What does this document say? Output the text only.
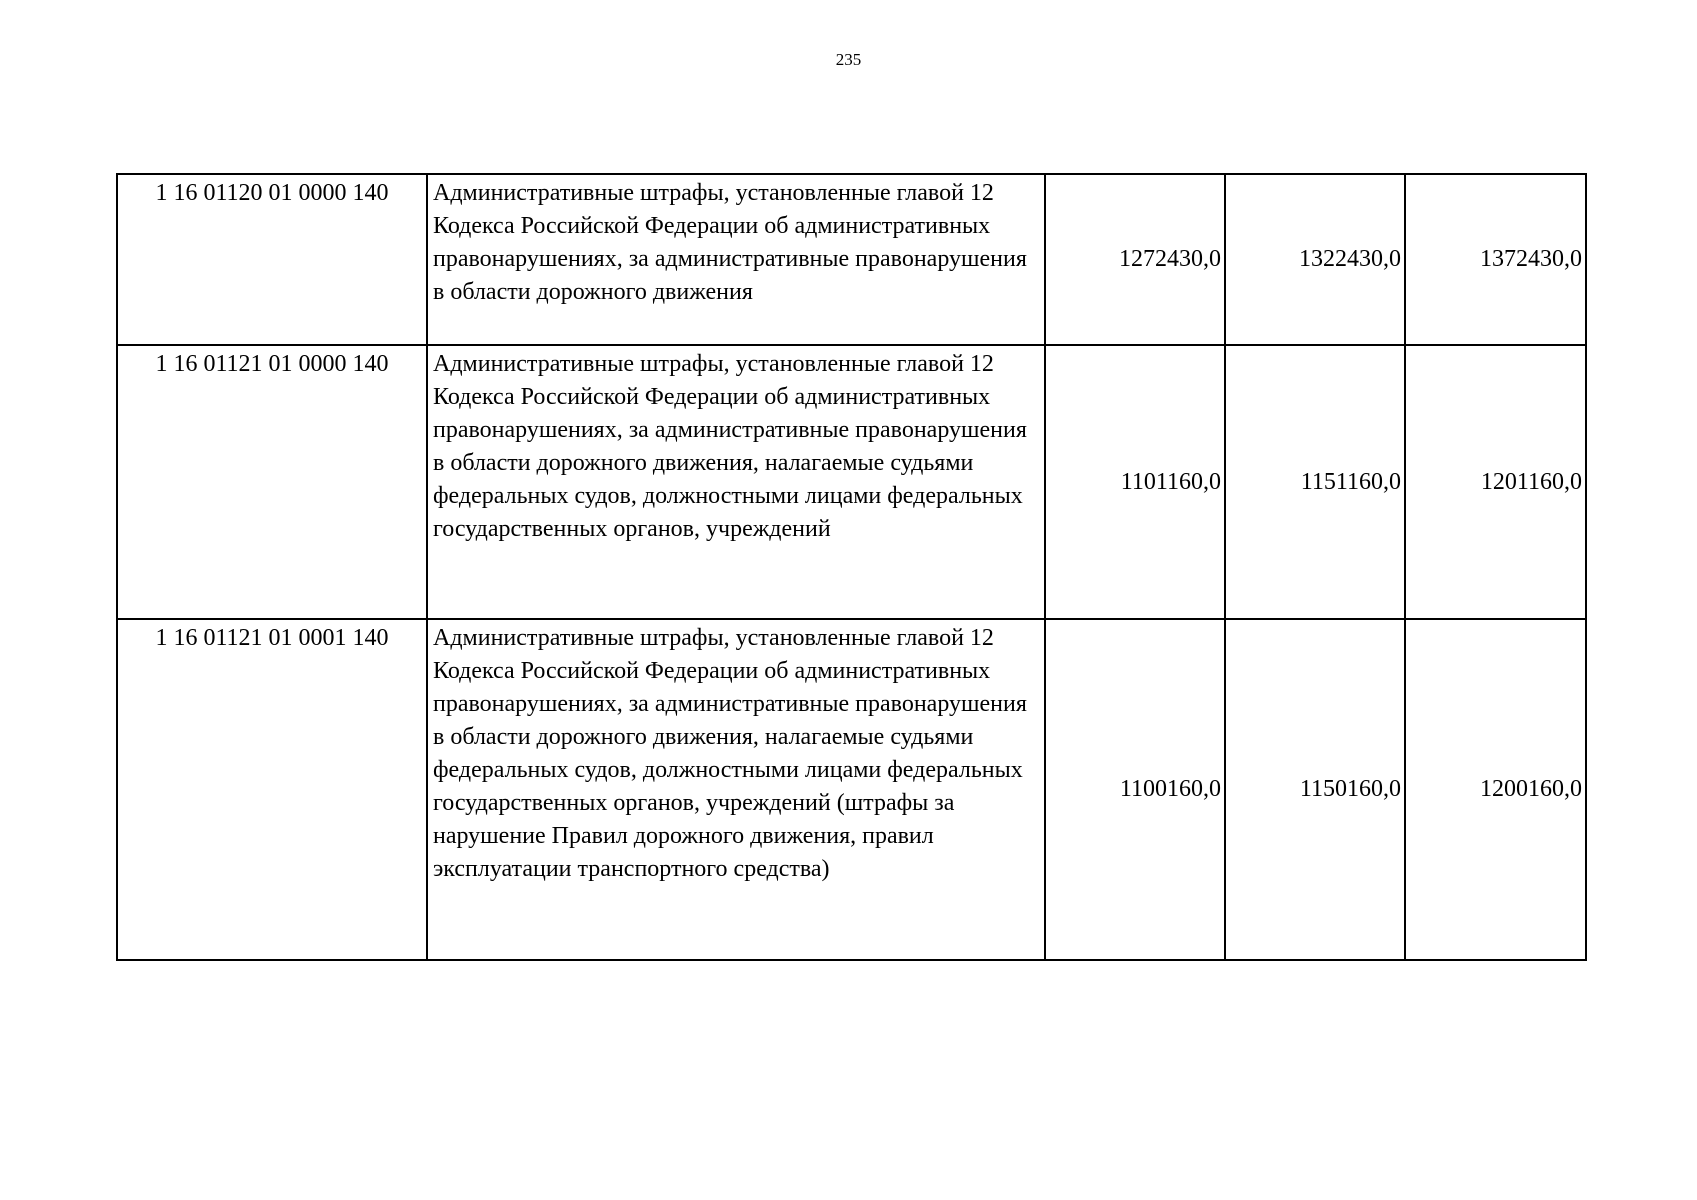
235
1 16 01120 01 0000 140	Административные штрафы, установленные главой 12 Кодекса Российской Федерации об административных правонарушениях, за административные правонарушения в области дорожного движения	1272430,0	1322430,0	1372430,0
1 16 01121 01 0000 140	Административные штрафы, установленные главой 12 Кодекса Российской Федерации об административных правонарушениях, за административные правонарушения в области дорожного движения, налагаемые судьями федеральных судов, должностными лицами федеральных государственных органов, учреждений	1101160,0	1151160,0	1201160,0
1 16 01121 01 0001 140	Административные штрафы, установленные главой 12 Кодекса Российской Федерации об административных правонарушениях, за административные правонарушения в области дорожного движения, налагаемые судьями федеральных судов, должностными лицами федеральных государственных органов, учреждений (штрафы за нарушение Правил дорожного движения, правил эксплуатации транспортного средства)	1100160,0	1150160,0	1200160,0
